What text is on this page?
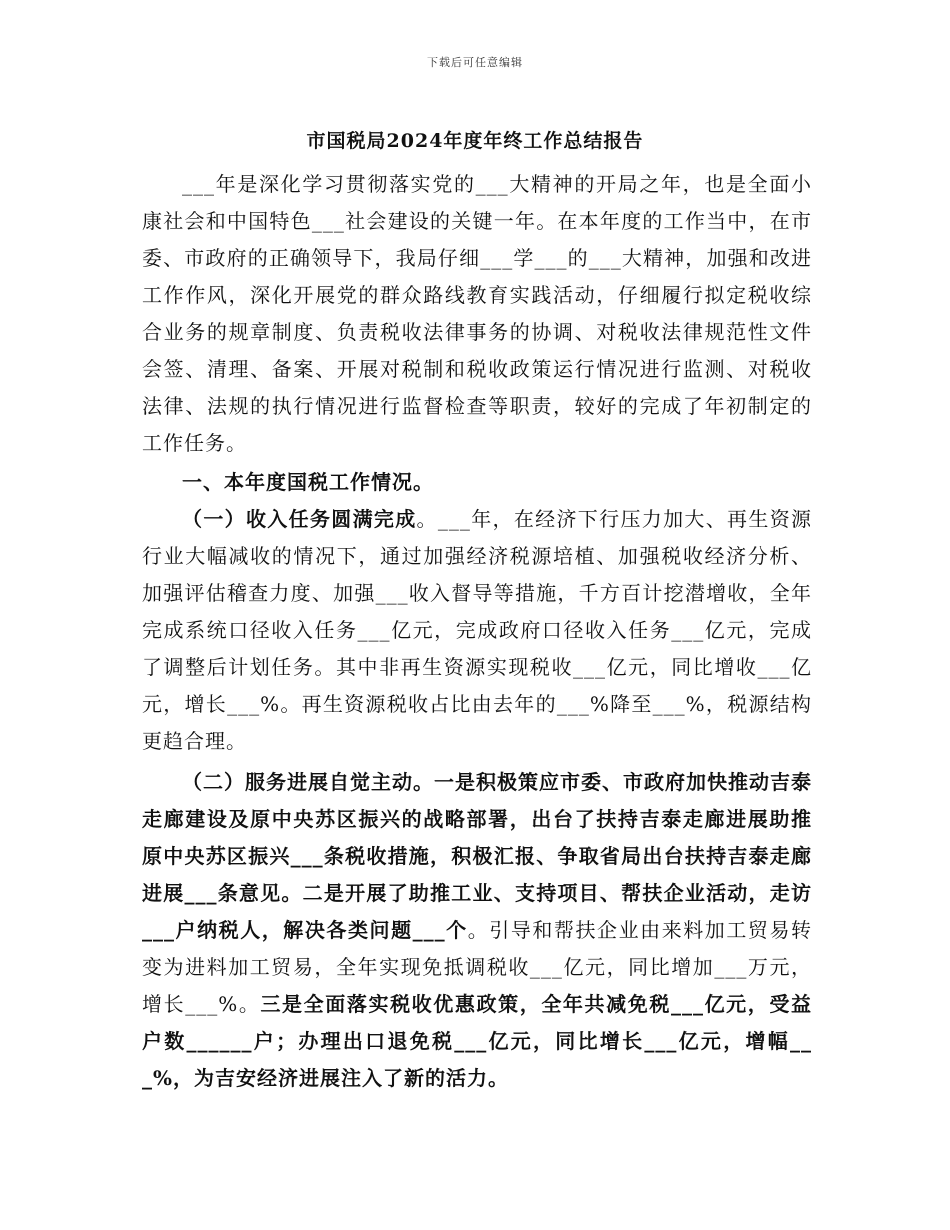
下载后可任意编辑
市国税局2024年度年终工作总结报告

___年是深化学习贯彻落实党的___大精神的开局之年，也是全面小康社会和中国特色___社会建设的关键一年。在本年度的工作当中，在市委、市政府的正确领导下，我局仔细___学___的___大精神，加强和改进工作作风，深化开展党的群众路线教育实践活动，仔细履行拟定税收综合业务的规章制度、负责税收法律事务的协调、对税收法律规范性文件会签、清理、备案、开展对税制和税收政策运行情况进行监测、对税收法律、法规的执行情况进行监督检查等职责，较好的完成了年初制定的工作任务。

一、本年度国税工作情况。

（一）收入任务圆满完成。___年，在经济下行压力加大、再生资源行业大幅减收的情况下，通过加强经济税源培植、加强税收经济分析、加强评估稽查力度、加强___收入督导等措施，千方百计挖潜增收，全年完成系统口径收入任务___亿元，完成政府口径收入任务___亿元，完成了调整后计划任务。其中非再生资源实现税收___亿元，同比增收___亿元，增长___%。再生资源税收占比由去年的___%降至___%，税源结构更趋合理。

（二）服务进展自觉主动。一是积极策应市委、市政府加快推动吉泰走廊建设及原中央苏区振兴的战略部署，出台了扶持吉泰走廊进展助推原中央苏区振兴___条税收措施，积极汇报、争取省局出台扶持吉泰走廊进展___条意见。二是开展了助推工业、支持项目、帮扶企业活动，走访___户纳税人，解决各类问题___个。引导和帮扶企业由来料加工贸易转变为进料加工贸易，全年实现免抵调税收___亿元，同比增加___万元，增长___%。三是全面落实税收优惠政策，全年共减免税___亿元，受益户数______户；办理出口退免税___亿元，同比增长___亿元，增幅___%，为吉安经济进展注入了新的活力。
